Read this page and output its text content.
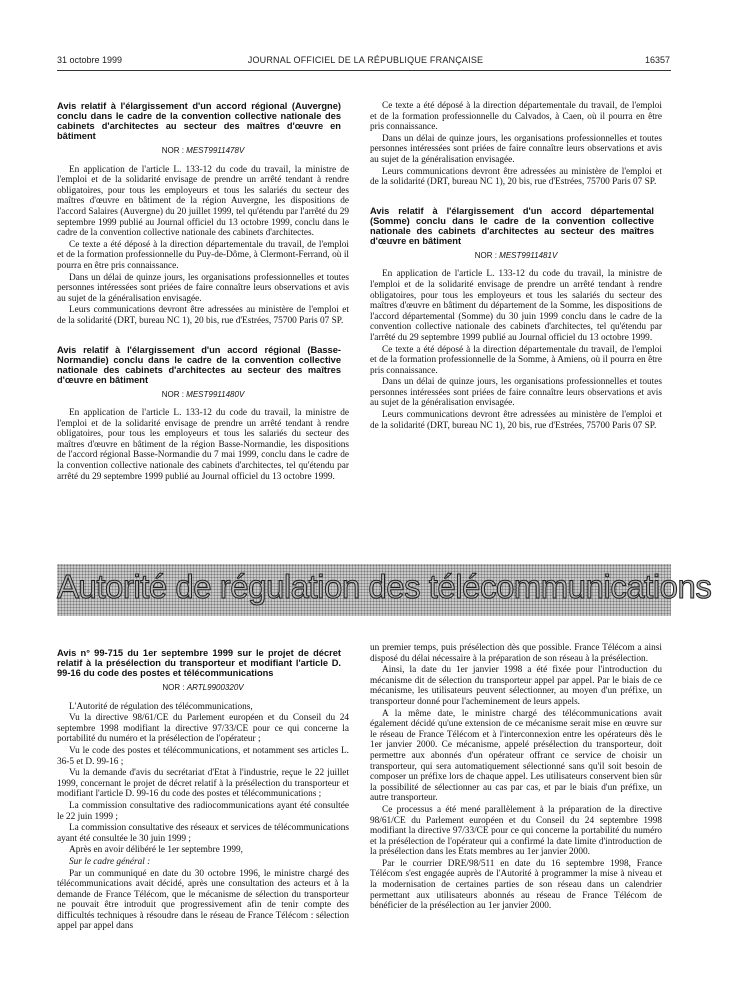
31 octobre 1999	JOURNAL OFFICIEL DE LA RÉPUBLIQUE FRANÇAISE	16357
Avis relatif à l'élargissement d'un accord régional (Auvergne) conclu dans le cadre de la convention collective nationale des cabinets d'architectes au secteur des maîtres d'œuvre en bâtiment
NOR : MESТ9911478V

En application de l'article L. 133-12 du code du travail, la ministre de l'emploi et de la solidarité envisage de prendre un arrêté tendant à rendre obligatoires, pour tous les employeurs et tous les salariés du secteur des maîtres d'œuvre en bâtiment de la région Auvergne, les dispositions de l'accord Salaires (Auvergne) du 20 juillet 1999, tel qu'étendu par l'arrêté du 29 septembre 1999 publié au Journal officiel du 13 octobre 1999, conclu dans le cadre de la convention collective nationale des cabinets d'architectes.

Ce texte a été déposé à la direction départementale du travail, de l'emploi et de la formation professionnelle du Puy-de-Dôme, à Clermont-Ferrand, où il pourra en être pris connaissance.

Dans un délai de quinze jours, les organisations professionnelles et toutes personnes intéressées sont priées de faire connaître leurs observations et avis au sujet de la généralisation envisagée.

Leurs communications devront être adressées au ministère de l'emploi et de la solidarité (DRT, bureau NC 1), 20 bis, rue d'Estrées, 75700 Paris 07 SP.

Avis relatif à l'élargissement d'un accord régional (Basse-Normandie) conclu dans le cadre de la convention collective nationale des cabinets d'architectes au secteur des maîtres d'œuvre en bâtiment
NOR : MESТ9911480V

En application de l'article L. 133-12 du code du travail, la ministre de l'emploi et de la solidarité envisage de prendre un arrêté tendant à rendre obligatoires, pour tous les employeurs et tous les salariés du secteur des maîtres d'œuvre en bâtiment de la région Basse-Normandie, les dispositions de l'accord régional Basse-Normandie du 7 mai 1999, conclu dans le cadre de la convention collective nationale des cabinets d'architectes, tel qu'étendu par arrêté du 29 septembre 1999 publié au Journal officiel du 13 octobre 1999.

Ce texte a été déposé à la direction départementale du travail, de l'emploi et de la formation professionnelle du Calvados, à Caen, où il pourra en être pris connaissance.

Dans un délai de quinze jours, les organisations professionnelles et toutes personnes intéressées sont priées de faire connaître leurs observations et avis au sujet de la généralisation envisagée.

Leurs communications devront être adressées au ministère de l'emploi et de la solidarité (DRT, bureau NC 1), 20 bis, rue d'Estrées, 75700 Paris 07 SP.

Avis relatif à l'élargissement d'un accord départemental (Somme) conclu dans le cadre de la convention collective nationale des cabinets d'architectes au secteur des maîtres d'œuvre en bâtiment
NOR : MESТ9911481V

En application de l'article L. 133-12 du code du travail, la ministre de l'emploi et de la solidarité envisage de prendre un arrêté tendant à rendre obligatoires, pour tous les employeurs et tous les salariés du secteur des maîtres d'œuvre en bâtiment du département de la Somme, les dispositions de l'accord départemental (Somme) du 30 juin 1999 conclu dans le cadre de la convention collective nationale des cabinets d'architectes, tel qu'étendu par l'arrêté du 29 septembre 1999 publié au Journal officiel du 13 octobre 1999.

Ce texte a été déposé à la direction départementale du travail, de l'emploi et de la formation professionnelle de la Somme, à Amiens, où il pourra en être pris connaissance.

Dans un délai de quinze jours, les organisations professionnelles et toutes personnes intéressées sont priées de faire connaître leurs observations et avis au sujet de la généralisation envisagée.

Leurs communications devront être adressées au ministère de l'emploi et de la solidarité (DRT, bureau NC 1), 20 bis, rue d'Estrées, 75700 Paris 07 SP.

Autorité de régulation des télécommunications
Avis n° 99-715 du 1er septembre 1999 sur le projet de décret relatif à la présélection du transporteur et modifiant l'article D. 99-16 du code des postes et télécommunications
NOR : ARTL9900320V

L'Autorité de régulation des télécommunications,

Vu la directive 98/61/CE du Parlement européen et du Conseil du 24 septembre 1998 modifiant la directive 97/33/CE pour ce qui concerne la portabilité du numéro et la présélection de l'opérateur ;

Vu le code des postes et télécommunications, et notamment ses articles L. 36-5 et D. 99-16 ;

Vu la demande d'avis du secrétariat d'Etat à l'industrie, reçue le 22 juillet 1999, concernant le projet de décret relatif à la présélection du transporteur et modifiant l'article D. 99-16 du code des postes et télécommunications ;

La commission consultative des radiocommunications ayant été consultée le 22 juin 1999 ;

La commission consultative des réseaux et services de télécommunications ayant été consultée le 30 juin 1999 ;

Après en avoir délibéré le 1er septembre 1999,

Sur le cadre général :

Par un communiqué en date du 30 octobre 1996, le ministre chargé des télécommunications avait décidé, après une consultation des acteurs et à la demande de France Télécom, que le mécanisme de sélection du transporteur ne pouvait être introduit que progressivement afin de tenir compte des difficultés techniques à résoudre dans le réseau de France Télécom : sélection appel par appel dans

un premier temps, puis présélection dès que possible. France Télécom a ainsi disposé du délai nécessaire à la préparation de son réseau à la présélection.

Ainsi, la date du 1er janvier 1998 a été fixée pour l'introduction du mécanisme dit de sélection du transporteur appel par appel. Par le biais de ce mécanisme, les utilisateurs peuvent sélectionner, au moyen d'un préfixe, un transporteur donné pour l'acheminement de leurs appels.

A la même date, le ministre chargé des télécommunications avait également décidé qu'une extension de ce mécanisme serait mise en œuvre sur le réseau de France Télécom et à l'interconnexion entre les opérateurs dès le 1er janvier 2000. Ce mécanisme, appelé présélection du transporteur, doit permettre aux abonnés d'un opérateur offrant ce service de choisir un transporteur, qui sera automatiquement sélectionné sans qu'il soit besoin de composer un préfixe lors de chaque appel. Les utilisateurs conservent bien sûr la possibilité de sélectionner au cas par cas, et par le biais d'un préfixe, un autre transporteur.

Ce processus a été mené parallèlement à la préparation de la directive 98/61/CE du Parlement européen et du Conseil du 24 septembre 1998 modifiant la directive 97/33/CE pour ce qui concerne la portabilité du numéro et la présélection de l'opérateur qui a confirmé la date limite d'introduction de la présélection dans les Etats membres au 1er janvier 2000.

Par le courrier DRE/98/511 en date du 16 septembre 1998, France Télécom s'est engagée auprès de l'Autorité à programmer la mise à niveau et la modernisation de certaines parties de son réseau dans un calendrier permettant aux utilisateurs abonnés au réseau de France Télécom de bénéficier de la présélection au 1er janvier 2000.
